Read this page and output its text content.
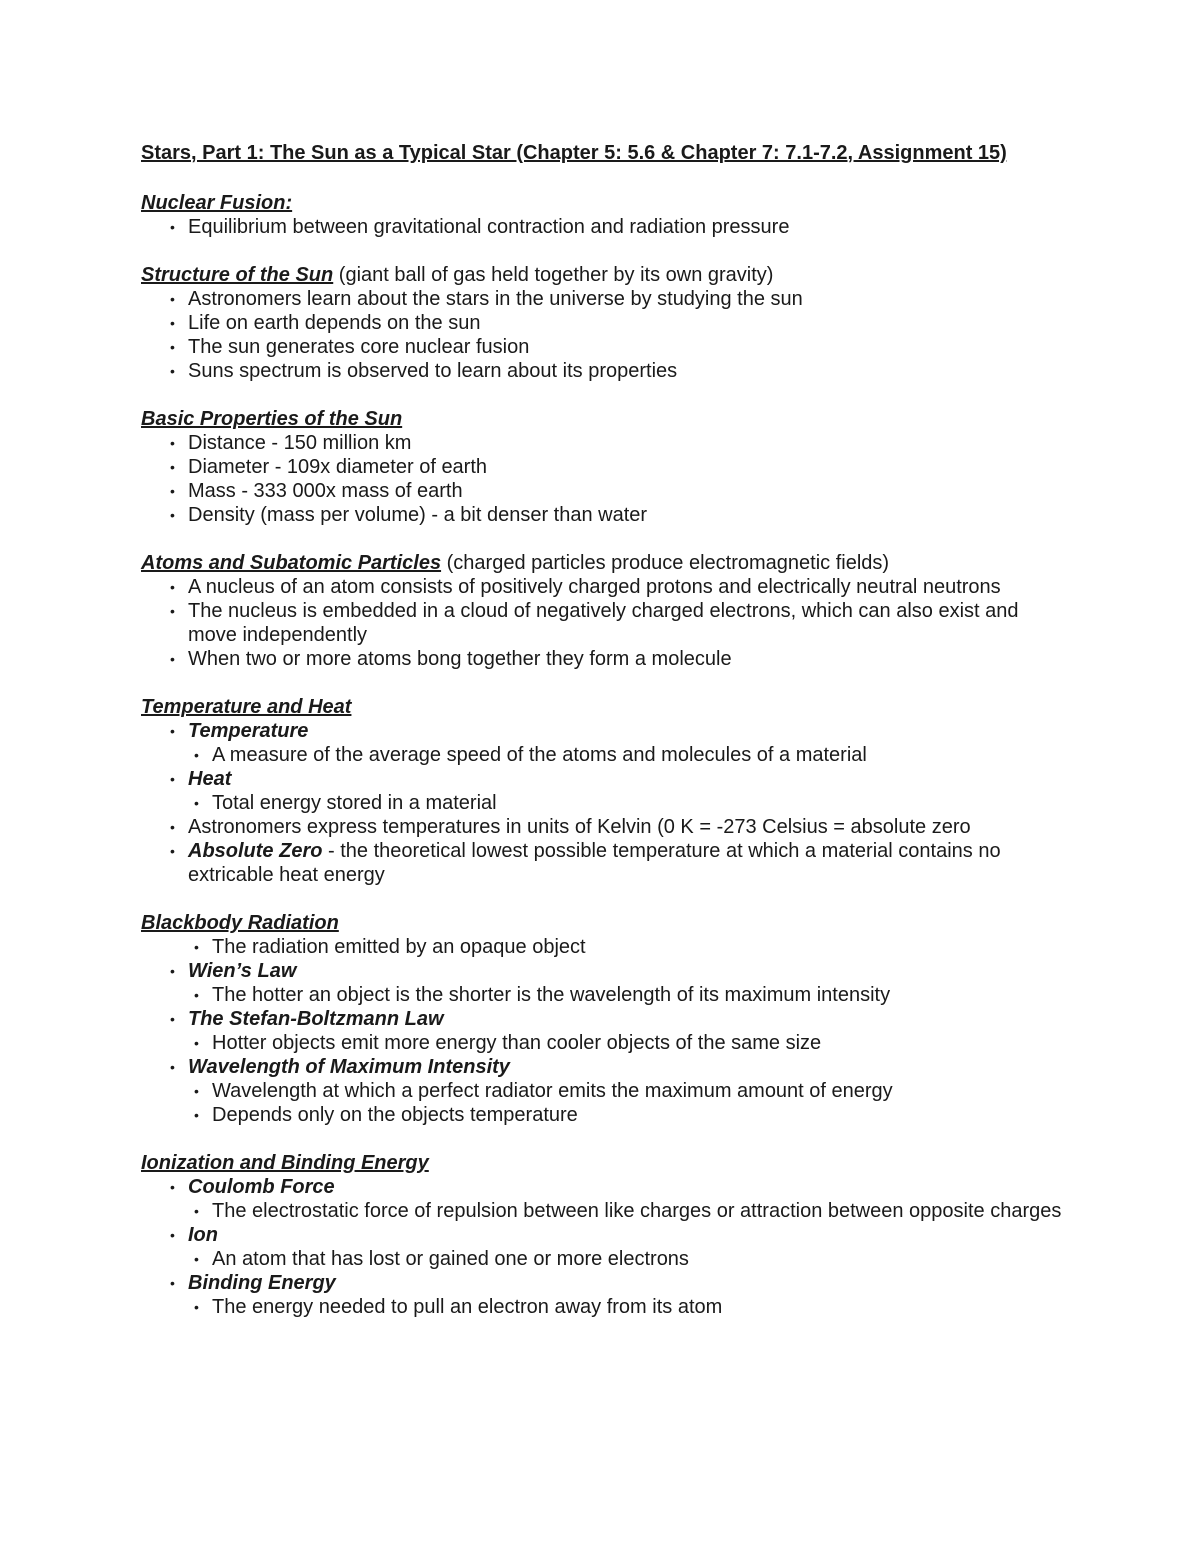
Stars, Part 1: The Sun as a Typical Star (Chapter 5: 5.6 & Chapter 7: 7.1-7.2, Assignment 15)
Nuclear Fusion:
• Equilibrium between gravitational contraction and radiation pressure
Structure of the Sun (giant ball of gas held together by its own gravity)
• Astronomers learn about the stars in the universe by studying the sun
• Life on earth depends on the sun
• The sun generates core nuclear fusion
• Suns spectrum is observed to learn about its properties
Basic Properties of the Sun
• Distance - 150 million km
• Diameter - 109x diameter of earth
• Mass - 333 000x mass of earth
• Density (mass per volume) - a bit denser than water
Atoms and Subatomic Particles (charged particles produce electromagnetic fields)
• A nucleus of an atom consists of positively charged protons and electrically neutral neutrons
• The nucleus is embedded in a cloud of negatively charged electrons, which can also exist and move independently
• When two or more atoms bong together they form a molecule
Temperature and Heat
• Temperature
• A measure of the average speed of the atoms and molecules of a material
• Heat
• Total energy stored in a material
• Astronomers express temperatures in units of Kelvin (0 K = -273 Celsius = absolute zero
• Absolute Zero - the theoretical lowest possible temperature at which a material contains no extricable heat energy
Blackbody Radiation
• The radiation emitted by an opaque object
• Wien’s Law
• The hotter an object is the shorter is the wavelength of its maximum intensity
• The Stefan-Boltzmann Law
• Hotter objects emit more energy than cooler objects of the same size
• Wavelength of Maximum Intensity
• Wavelength at which a perfect radiator emits the maximum amount of energy
• Depends only on the objects temperature
Ionization and Binding Energy
• Coulomb Force
• The electrostatic force of repulsion between like charges or attraction between opposite charges
• Ion
• An atom that has lost or gained one or more electrons
• Binding Energy
• The energy needed to pull an electron away from its atom
